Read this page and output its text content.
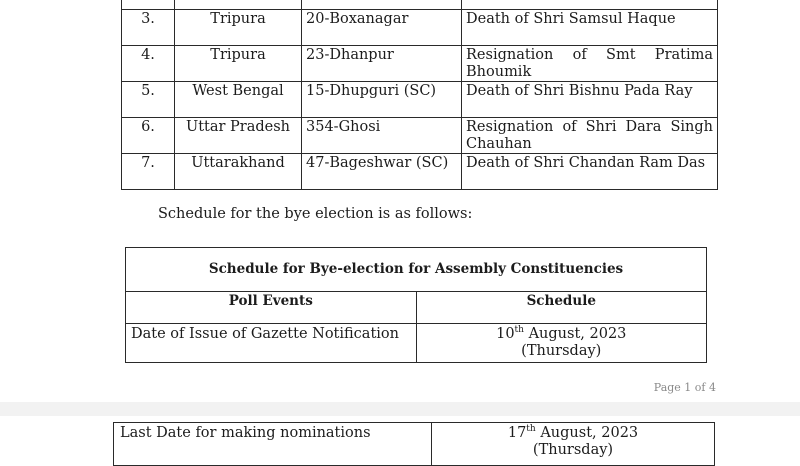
3.	Tripura	20-Boxanagar	Death of Shri Samsul Haque
4.	Tripura	23-Dhanpur	Resignation of Smt Pratima Bhoumik
5.	West Bengal	15-Dhupguri (SC)	Death of Shri Bishnu Pada Ray
6.	Uttar Pradesh	354-Ghosi	Resignation of Shri Dara Singh Chauhan
7.	Uttarakhand	47-Bageshwar (SC)	Death of Shri Chandan Ram Das
Schedule for the bye election is as follows:
Schedule for Bye-election for Assembly Constituencies	
Poll Events	Schedule
Date of Issue of Gazette Notification	10th August, 2023
(Thursday)
Page 1 of 4
Last Date for making nominations	17th August, 2023
(Thursday)
